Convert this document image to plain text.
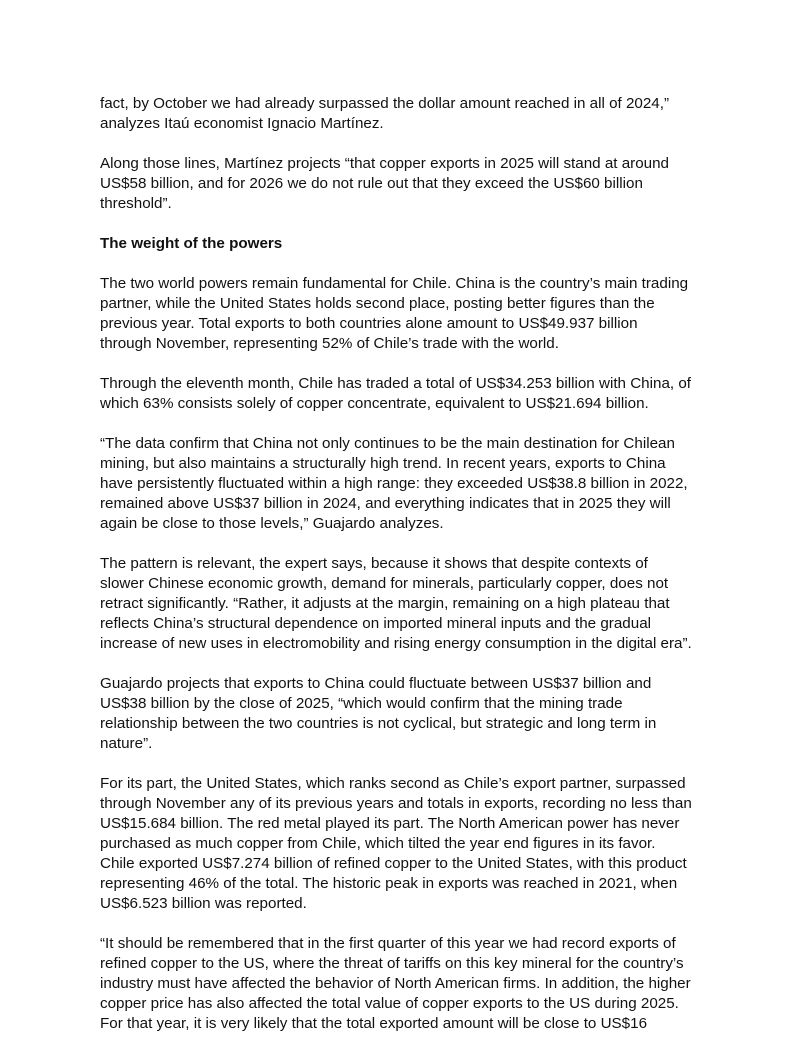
fact, by October we had already surpassed the dollar amount reached in all of 2024,”
analyzes Itaú economist Ignacio Martínez.

Along those lines, Martínez projects “that copper exports in 2025 will stand at around
US$58 billion, and for 2026 we do not rule out that they exceed the US$60 billion
threshold”.

The weight of the powers

The two world powers remain fundamental for Chile. China is the country’s main trading
partner, while the United States holds second place, posting better figures than the
previous year. Total exports to both countries alone amount to US$49.937 billion
through November, representing 52% of Chile’s trade with the world.

Through the eleventh month, Chile has traded a total of US$34.253 billion with China, of
which 63% consists solely of copper concentrate, equivalent to US$21.694 billion.

“The data confirm that China not only continues to be the main destination for Chilean
mining, but also maintains a structurally high trend. In recent years, exports to China
have persistently fluctuated within a high range: they exceeded US$38.8 billion in 2022,
remained above US$37 billion in 2024, and everything indicates that in 2025 they will
again be close to those levels,” Guajardo analyzes.

The pattern is relevant, the expert says, because it shows that despite contexts of
slower Chinese economic growth, demand for minerals, particularly copper, does not
retract significantly. “Rather, it adjusts at the margin, remaining on a high plateau that
reflects China’s structural dependence on imported mineral inputs and the gradual
increase of new uses in electromobility and rising energy consumption in the digital era”.

Guajardo projects that exports to China could fluctuate between US$37 billion and
US$38 billion by the close of 2025, “which would confirm that the mining trade
relationship between the two countries is not cyclical, but strategic and long term in
nature”.

For its part, the United States, which ranks second as Chile’s export partner, surpassed
through November any of its previous years and totals in exports, recording no less than
US$15.684 billion. The red metal played its part. The North American power has never
purchased as much copper from Chile, which tilted the year end figures in its favor.
Chile exported US$7.274 billion of refined copper to the United States, with this product
representing 46% of the total. The historic peak in exports was reached in 2021, when
US$6.523 billion was reported.

“It should be remembered that in the first quarter of this year we had record exports of
refined copper to the US, where the threat of tariffs on this key mineral for the country’s
industry must have affected the behavior of North American firms. In addition, the higher
copper price has also affected the total value of copper exports to the US during 2025.
For that year, it is very likely that the total exported amount will be close to US$16
